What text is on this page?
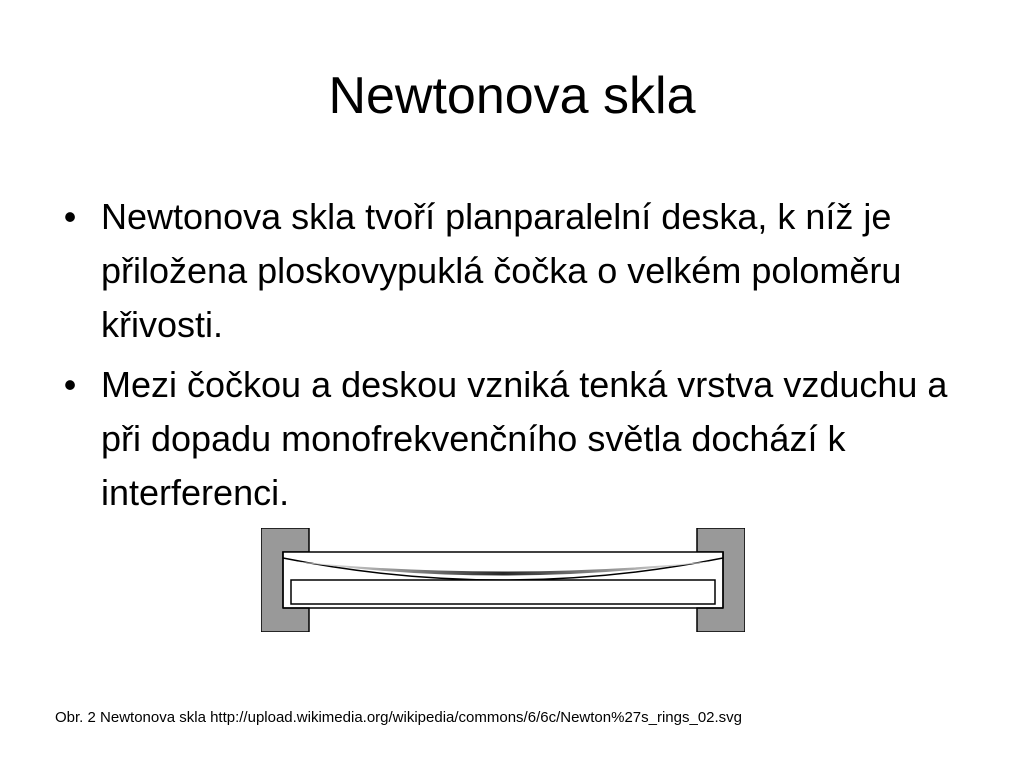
Newtonova skla
• Newtonova skla tvoří planparalelní deska, k níž je přiložena ploskovypuklá čočka o velkém poloměru křivosti.
• Mezi čočkou a deskou vzniká tenká vrstva vzduchu a při dopadu monofrekvenčního světla dochází k interferenci.
Obr. 2 Newtonova skla http://upload.wikimedia.org/wikipedia/commons/6/6c/Newton%27s_rings_02.svg
